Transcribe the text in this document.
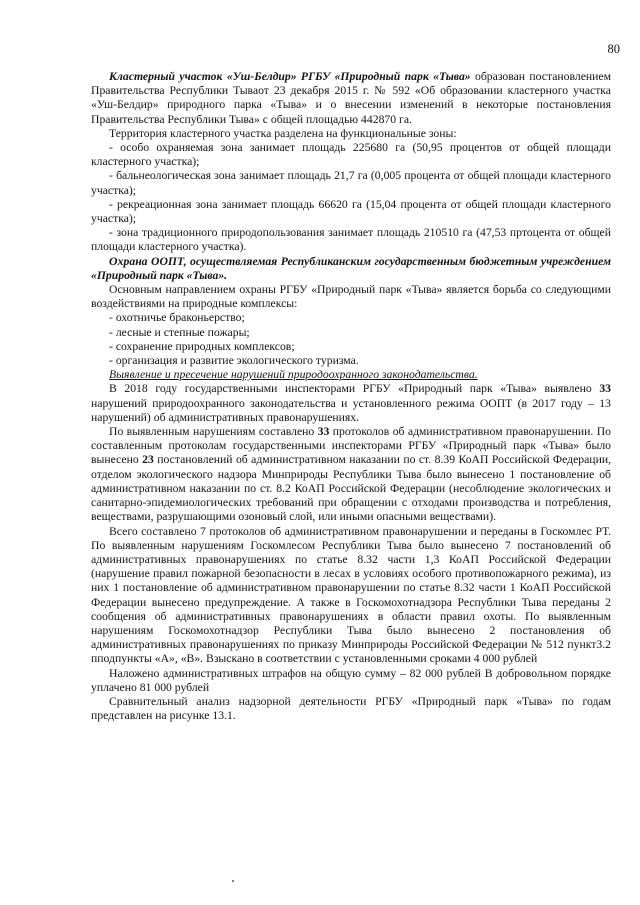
80

Кластерный участок «Уш-Белдир» РГБУ «Природный парк «Тыва» образован постановлением Правительства Республики Тываот 23 декабря 2015 г. № 592 «Об образовании кластерного участка «Уш-Белдир» природного парка «Тыва» и о внесении изменений в некоторые постановления Правительства Республики Тыва» с общей площадью 442870 га.

Территория кластерного участка разделена на функциональные зоны:

- особо охраняемая зона занимает площадь 225680 га (50,95 процентов от общей площади кластерного участка);

- бальнеологическая зона занимает площадь 21,7 га (0,005 процента от общей площади кластерного участка);

- рекреационная зона занимает площадь 66620 га (15,04 процента от общей площади кластерного участка);

- зона традиционного природопользования занимает площадь 210510 га (47,53 пртоцента от общей площади кластерного участка).

Охрана ООПТ, осуществляемая Республиканским государственным бюджетным учреждением «Природный парк «Тыва».

Основным направлением охраны РГБУ «Природный парк «Тыва» является борьба со следующими воздействиями на природные комплексы:

- охотничье браконьерство;

- лесные и степные пожары;

- сохранение природных комплексов;

- организация и развитие экологического туризма.

Выявление и пресечение нарушений природоохранного законодательства.

В 2018 году государственными инспекторами РГБУ «Природный парк «Тыва» выявлено 33 нарушений природоохранного законодательства и установленного режима ООПТ (в 2017 году – 13 нарушений) об административных правонарушениях.

По выявленным нарушениям составлено 33 протоколов об административном правонарушении. По составленным протоколам государственными инспекторами РГБУ «Природный парк «Тыва» было вынесено 23 постановлений об административном наказании по ст. 8.39 КоАП Российской Федерации, отделом экологического надзора Минприроды Республики Тыва было вынесено 1 постановление об административном наказании по ст. 8.2 КоАП Российской Федерации (несоблюдение экологических и санитарно-эпидемиологических требований при обращении с отходами производства и потребления, веществами, разрушающими озоновый слой, или иными опасными веществами).

Всего составлено 7 протоколов об административном правонарушении и переданы в Госкомлес РТ. По выявленным нарушениям Госкомлесом Республики Тыва было вынесено 7 постановлений об административных правонарушениях по статье 8.32 части 1,3 КоАП Российской Федерации (нарушение правил пожарной безопасности в лесах в условиях особого противопожарного режима), из них 1 постановление об административном правонарушении по статье 8.32 части 1 КоАП Российской Федерации вынесено предупреждение. А также в Госкомохотнадзора Республики Тыва переданы 2 сообщения об административных правонарушениях в области правил охоты. По выявленным нарушениям Госкомохотнадзор Республики Тыва было вынесено 2 постановления об административных правонарушениях по приказу Минприроды Российской Федерации № 512 пункт3.2 пподпункты «А», «В». Взыскано в соответствии с установленными сроками 4 000 рублей

Наложено административных штрафов на общую сумму – 82 000 рублей В добровольном порядке уплачено 81 000 рублей

Сравнительный анализ надзорной деятельности РГБУ «Природный парк «Тыва» по годам представлен на рисунке 13.1.
